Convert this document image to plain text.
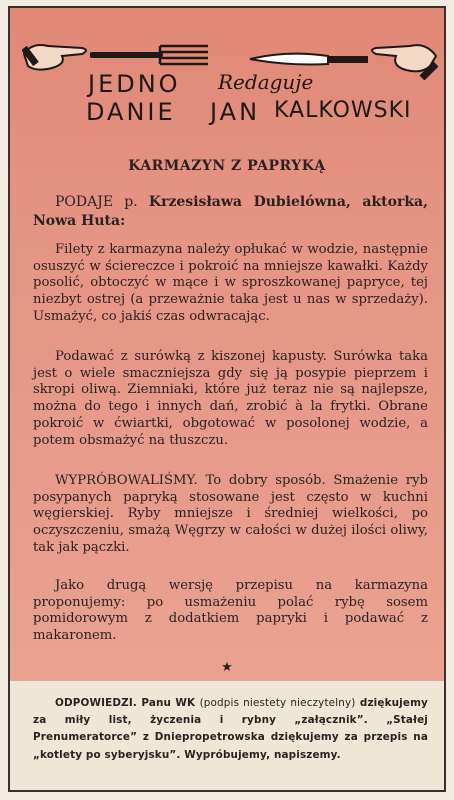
JEDNO Redaguje
DANIE JAN KALKOWSKI
KARMAZYN Z PAPRYKĄ

PODAJE p. Krzesisława Dubielówna, aktorka, Nowa Huta:

Filety z karmazyna należy opłukać w wodzie, następnie osuszyć w ściereczce i pokroić na mniejsze kawałki. Każdy posolić, obtoczyć w mące i w sproszkowanej papryce, tej niezbyt ostrej (a przeważnie taka jest u nas w sprzedaży). Usmażyć, co jakiś czas odwracając.

Podawać z surówką z kiszonej kapusty. Surówka taka jest o wiele smaczniejsza gdy się ją posypie pieprzem i skropi oliwą. Ziemniaki, które już teraz nie są najlepsze, można do tego i innych dań, zrobić à la frytki. Obrane pokroić w ćwiartki, obgotować w posolonej wodzie, a potem obsmażyć na tłuszczu.

WYPRÓBOWALIŚMY. To dobry sposób. Smażenie ryb posypanych papryką stosowane jest często w kuchni węgierskiej. Ryby mniejsze i średniej wielkości, po oczyszczeniu, smażą Węgrzy w całości w dużej ilości oliwy, tak jak pączki.

Jako drugą wersję przepisu na karmazyna proponujemy: po usmażeniu polać rybę sosem pomidorowym z dodatkiem papryki i podawać z makaronem.

★

ODPOWIEDZI. Panu WK (podpis niestety nieczytelny) dziękujemy za miły list, życzenia i rybny „załącznik”. „Stałej Prenumeratorce” z Dniepropetrowska dziękujemy za przepis na „kotlety po syberyjsku”. Wypróbujemy, napiszemy.
